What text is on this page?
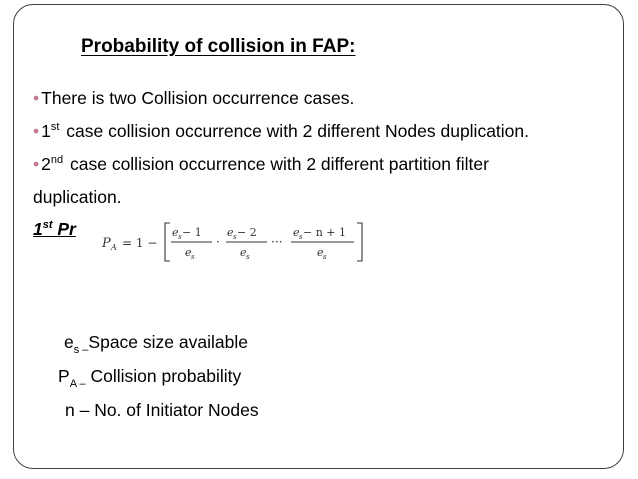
Probability of collision in FAP:
• There is two Collision occurrence cases.
• 1st case collision occurrence with 2 different Nodes duplication.
• 2nd case collision occurrence with 2 different partition filter
duplication.
1st Pr
P A = 1 −
e s − 1
e s
·
e s − 2
e s
···
e s − n + 1
e s
$e_{s -}Space$ size available
$P_{A -}$ Collision probability
n – No. of Initiator Nodes
